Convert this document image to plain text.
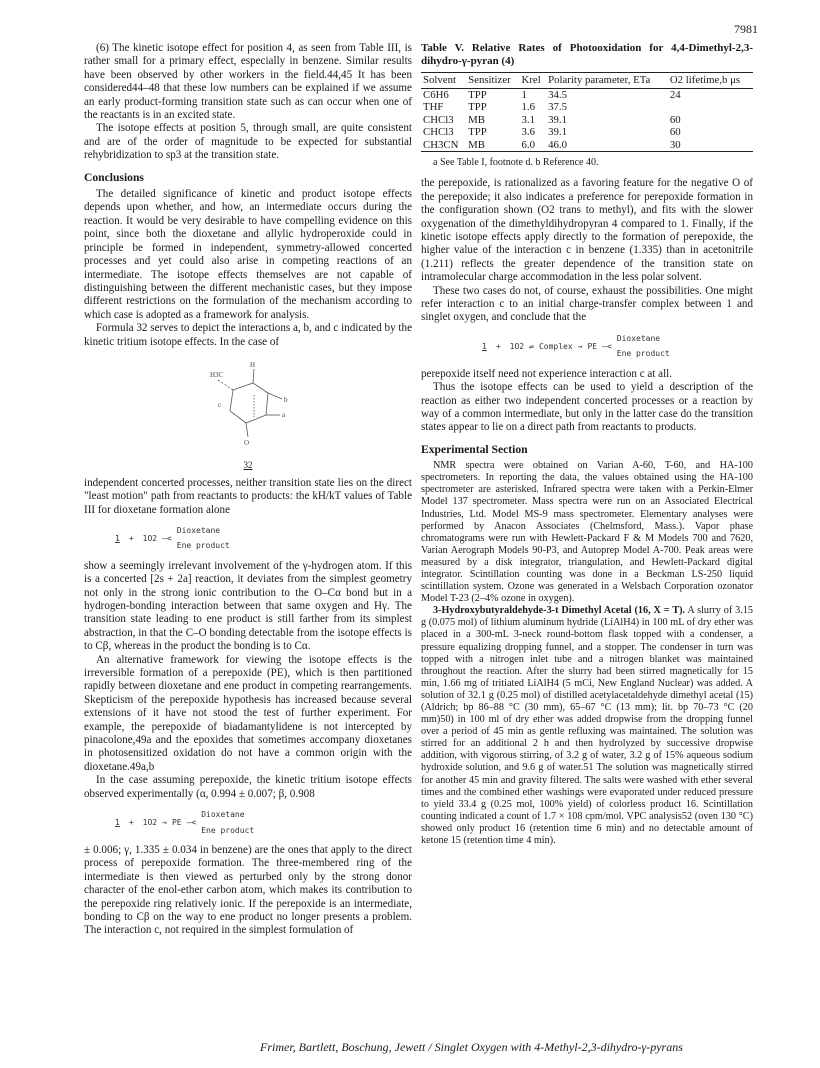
7981

(6) The kinetic isotope effect for position 4, as seen from Table III, is rather small for a primary effect, especially in benzene. Similar results have been observed by other workers in the field.44,45 It has been considered44–48 that these low numbers can be explained if we assume an early product-forming transition state such as can occur when one of the reactants is in an excited state.

The isotope effects at position 5, through small, are quite consistent and are of the order of magnitude to be expected for substantial rehybridization to sp3 at the transition state.

Conclusions

The detailed significance of kinetic and product isotope effects depends upon whether, and how, an intermediate occurs during the reaction. It would be very desirable to have compelling evidence on this point, since both the dioxetane and allylic hydroperoxide could in principle be formed in independent, symmetry-allowed concerted processes and yet could also arise in competing reactions of an intermediate. The isotope effects themselves are not capable of distinguishing between the different mechanistic cases, but they impose different restrictions on the formulation of the mechanism according to which case is adopted as a framework for analysis.

Formula 32 serves to depict the interactions a, b, and c indicated by the kinetic tritium isotope effects. In the case of

H3C
H
b
a
c
O
32

independent concerted processes, neither transition state lies on the direct "least motion" path from reactants to products: the kH/kT values of Table III for dioxetane formation alone

1	+	1O2	—<	Dioxetane
Ene product

show a seemingly irrelevant involvement of the γ-hydrogen atom. If this is a concerted [2s + 2a] reaction, it deviates from the simplest geometry not only in the strong ionic contribution to the O–Cα bond but in a hydrogen-bonding interaction between that same oxygen and Hγ. The transition state leading to ene product is still farther from its simplest abstraction, in that the C–O bonding detectable from the isotope effects is to Cβ, whereas in the product the bonding is to Cα.

An alternative framework for viewing the isotope effects is the irreversible formation of a perepoxide (PE), which is then partitioned rapidly between dioxetane and ene product in competing rearrangements. Skepticism of the perepoxide hypothesis has increased because several extensions of it have not stood the test of further experiment. For example, the perepoxide of biadamantylidene is not intercepted by pinacolone,49a and the epoxides that sometimes accompany dioxetanes in photosensitized oxidation do not have a common origin with the dioxetane.49a,b

In the case assuming perepoxide, the kinetic tritium isotope effects observed experimentally (α, 0.994 ± 0.007; β, 0.908

1	+	1O2	→	PE	—<	Dioxetane
Ene product

± 0.006; γ, 1.335 ± 0.034 in benzene) are the ones that apply to the direct process of perepoxide formation. The three-membered ring of the intermediate is then viewed as perturbed only by the strong donor character of the enol-ether carbon atom, which makes its contribution to the perepoxide ring relatively ionic. If the perepoxide is an intermediate, bonding to Cβ on the way to ene product no longer presents a problem. The interaction c, not required in the simplest formulation of

Table V. Relative Rates of Photooxidation for 4,4-Dimethyl-2,3-dihydro-γ-pyran (4)
Solvent	Sensitizer	Krel	Polarity parameter, ETa	O2 lifetime,b μs
C6H6	TPP	1	34.5	24
THF	TPP	1.6	37.5	
CHCl3	MB	3.1	39.1	60
CHCl3	TPP	3.6	39.1	60
CH3CN	MB	6.0	46.0	30
a See Table I, footnote d. b Reference 40.

the perepoxide, is rationalized as a favoring feature for the negative O of the perepoxide; it also indicates a preference for perepoxide formation in the configuration shown (O2 trans to methyl), and fits with the slower oxygenation of the dimethyldihydropyran 4 compared to 1. Finally, if the kinetic isotope effects apply directly to the formation of perepoxide, the higher value of the interaction c in benzene (1.335) than in acetonitrile (1.211) reflects the greater dependence of the transition state on intramolecular charge accommodation in the less polar solvent.

These two cases do not, of course, exhaust the possibilities. One might refer interaction c to an initial charge-transfer complex between 1 and singlet oxygen, and conclude that the

1	+	1O2	⇌	Complex	→	PE	—<	Dioxetane
Ene product

perepoxide itself need not experience interaction c at all.

Thus the isotope effects can be used to yield a description of the reaction as either two independent concerted processes or a reaction by way of a common intermediate, but only in the latter case do the transition states appear to lie on a direct path from reactants to products.

Experimental Section

NMR spectra were obtained on Varian A-60, T-60, and HA-100 spectrometers. In reporting the data, the values obtained using the HA-100 spectrometer are asterisked. Infrared spectra were taken with a Perkin-Elmer Model 137 spectrometer. Mass spectra were run on an Associated Electrical Industries, Ltd. Model MS-9 mass spectrometer. Elementary analyses were performed by Anacon Associates (Chelmsford, Mass.). Vapor phase chromatograms were run with Hewlett-Packard F & M Models 700 and 7620, Varian Aerograph Models 90-P3, and Autoprep Model A-700. Peak areas were measured by a disk integrator, triangulation, and Hewlett-Packard digital integrator. Scintillation counting was done in a Beckman LS-250 liquid scintillation system. Ozone was generated in a Welsbach Corporation ozonator Model T-23 (2–4% ozone in oxygen).

3-Hydroxybutyraldehyde-3-t Dimethyl Acetal (16, X = T). A slurry of 3.15 g (0.075 mol) of lithium aluminum hydride (LiAlH4) in 100 mL of dry ether was placed in a 300-mL 3-neck round-bottom flask topped with a condenser, a pressure equalizing dropping funnel, and a stopper. The condenser in turn was topped with a nitrogen inlet tube and a nitrogen blanket was maintained throughout the reaction. After the slurry had been stirred magnetically for 15 min, 1.66 mg of tritiated LiAlH4 (5 mCi, New England Nuclear) was added. A solution of 32.1 g (0.25 mol) of distilled acetylacetaldehyde dimethyl acetal (15) (Aldrich; bp 86–88 °C (30 mm), 65–67 °C (13 mm); lit. bp 70–73 °C (20 mm)50) in 100 ml of dry ether was added dropwise from the dropping funnel over a period of 45 min as gentle refluxing was maintained. The solution was stirred for an additional 2 h and then hydrolyzed by successive dropwise addition, with vigorous stirring, of 3.2 g of water, 3.2 g of 15% aqueous sodium hydroxide solution, and 9.6 g of water.51 The solution was magnetically stirred for another 45 min and gravity filtered. The salts were washed with ether several times and the combined ether washings were evaporated under reduced pressure to yield 33.4 g (0.25 mol, 100% yield) of colorless product 16. Scintillation counting indicated a count of 1.7 × 108 cpm/mol. VPC analysis52 (oven 130 °C) showed only product 16 (retention time 6 min) and no detectable amount of ketone 15 (retention time 4 min).

Frimer, Bartlett, Boschung, Jewett / Singlet Oxygen with 4-Methyl-2,3-dihydro-γ-pyrans
